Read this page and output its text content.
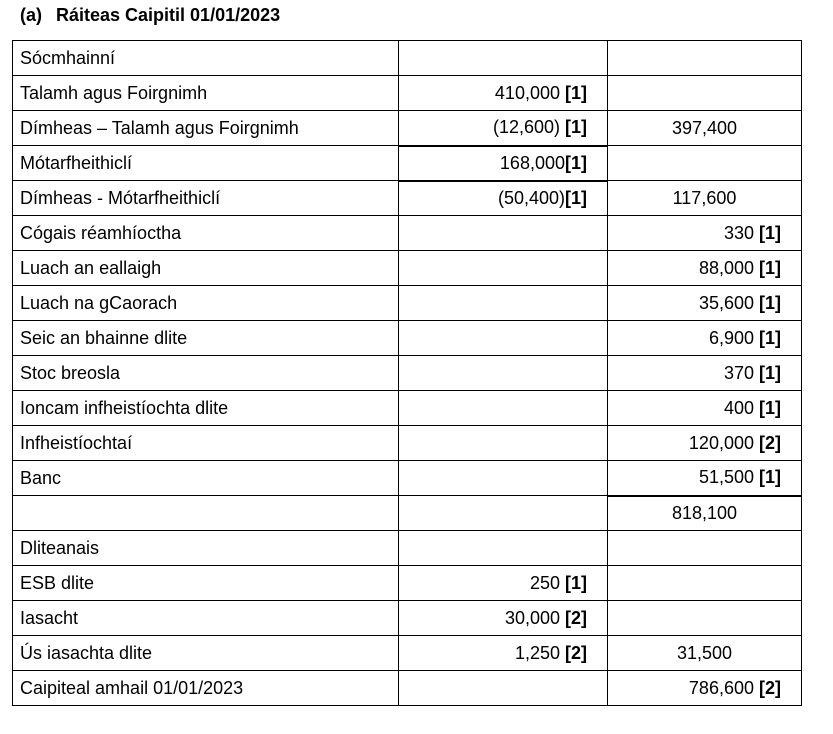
(a) Ráiteas Caipitil 01/01/2023
Sócmhainní		
Talamh agus Foirgnimh	410,000 [1]	
Dímheas – Talamh agus Foirgnimh	(12,600) [1]	397,400
Mótarfheithiclí	168,000[1]	
Dímheas - Mótarfheithiclí	(50,400)[1]	117,600
Cógais réamhíoctha		330 [1]
Luach an eallaigh		88,000 [1]
Luach na gCaorach		35,600 [1]
Seic an bhainne dlite		6,900 [1]
Stoc breosla		370 [1]
Ioncam infheistíochta dlite		400 [1]
Infheistíochtaí		120,000 [2]
Banc		51,500 [1]
		818,100
Dliteanais		
ESB dlite	250 [1]	
Iasacht	30,000 [2]	
Ús iasachta dlite	1,250 [2]	31,500
Caipiteal amhail 01/01/2023		786,600 [2]
